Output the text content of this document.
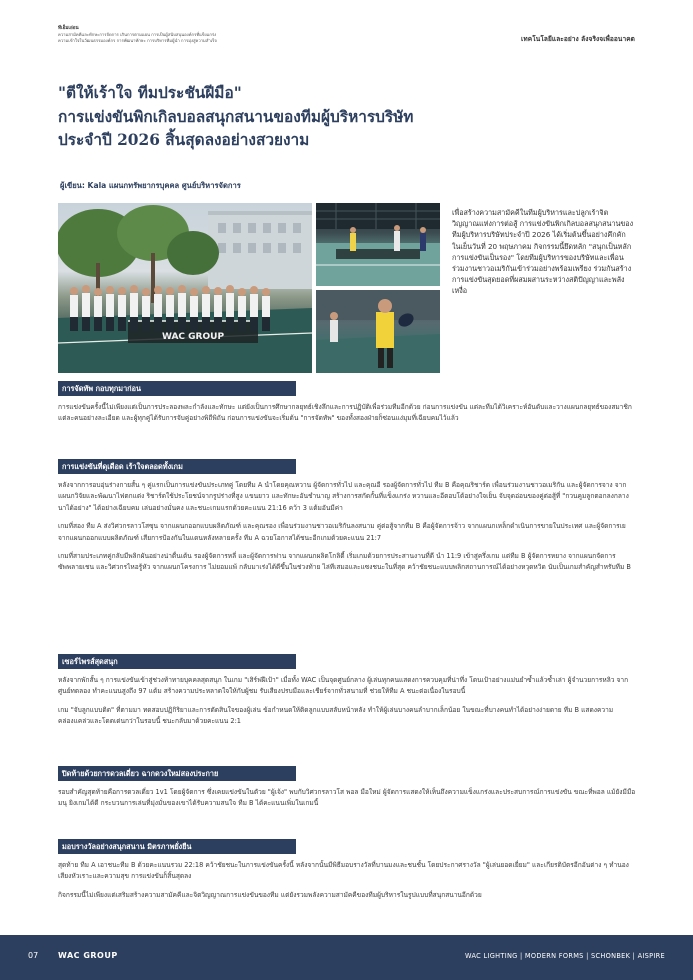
ทีเอ็มเอ่อน
ความสามัคคีและทักษะการจัดการ เกินการตามแผน การเป็นผู้สนับสนุนองค์กรที่แข็งแกร่ง
ความเข้าใจในวัฒนธรรมองค์กร การพัฒนาทักษะ การบริหารทีมผู้นำ การมุ่งสู่ความสำเร็จ	เทคโนโลยีและอย่าง ลังจริงจเพื่ออนาคต
"ตีให้เร้าใจ ทีมประชันฝีมือ"
การแข่งขันพิกเกิลบอลสนุกสนานของทีมผู้บริหารบริษัท
ประจำปี 2026 สิ้นสุดลงอย่างสวยงาม
ผู้เขียน: Kala แผนกทรัพยากรบุคคล ศูนย์บริหารจัดการ
WAC GROUP
เพื่อสร้างความสามัคคีในทีมผู้บริหารและปลูกเร้าจิตวิญญาณแห่งการต่อสู้ การแข่งขันพิกเกิลบอลสนุกสนานของทีมผู้บริหารบริษัทประจำปี 2026 ได้เริ่มต้นขึ้นอย่างคึกคักในเย็นวันที่ 20 พฤษภาคม กิจกรรมนี้ยึดหลัก "สนุกเป็นหลัก การแข่งขันเป็นรอง" โดยทีมผู้บริหารของบริษัทและเพื่อนร่วมงานชาวอเมริกันเข้าร่วมอย่างพร้อมเพรียง ร่วมกันสร้างการแข่งขันสุดยอดที่ผสมผสานระหว่างสติปัญญาและพลังเหงื่อ
การจัดทัพ กอบทุกมาก่อน

การแข่งขันครั้งนี้ไม่เพียงแต่เป็นการประลองพละกำลังและทักษะ แต่ยังเป็นการศึกษากลยุทธ์เชิงลึกและการปฏิบัติเพื่อร่วมทีมอีกด้วย ก่อนการแข่งขัน แต่ละทีมได้วิเคราะห์อันดับและวางแผนกลยุทธ์ของสมาชิกแต่ละคนอย่างละเอียด และผู้ทุกคู่ได้รับการจับคู่อย่างพิถีพิถัน ก่อนการแข่งขันจะเริ่มต้น "การจัดทัพ" ของทั้งสองฝ่ายก็ซ่อนแง่มุมที่เฉียบคมไว้แล้ว

การแข่งขันที่ดุเดือด เร้าใจตลอดทั้งเกม

หลังจากการอบอุ่นร่างกายสั้น ๆ คู่แรกเป็นการแข่งขันประเภทคู่ โดยทีม A นำโดยคุณหวาน ผู้จัดการทั่วไป และคุณอี รองผู้จัดการทั่วไป ทีม B คือคุณริชาร์ด เพื่อนร่วมงานชาวอเมริกัน และผู้จัดการจาง จากแผนกวิจัยและพัฒนาไฟตกแต่ง ริชาร์ดใช้ประโยชน์จากรูปร่างที่สูง แขนยาว และทักษะอันชำนาญ สร้างการสกัดกั้นที่แข็งแกร่ง หวานและอีตอบโต้อย่างใจเย็น จับจุดอ่อนของคู่ต่อสู้ที่ "กวนคูมลูกตอกลงกลางนาได้อย่าง" ได้อย่างเฉียบคม เล่นอย่างมั่นคง และชนะเกมแรกด้วยคะแนน 21:16 คว้า 3 แต้มอันมีค่า

เกมที่สอง ทีม A ส่งวิศวกรลาวโสซุน จากแผนกออกแบบผลิตภัณฑ์ และคุณรอง เพื่อนร่วมงานชาวอเมริกันลงสนาม คู่ต่อสู้จากทีม B คือผู้จัดการจ้าว จากแผนกเหล็กดำเนินการขายในประเทศ และผู้จัดการเย จากแผนกออกแบบผลิตภัณฑ์ เสียการป้องกันในแดนหลังหลายครั้ง ทีม A ฉวยโอกาสได้ชนะอีกเกมด้วยคะแนน 21:7

เกมที่สามประเภทคู่กลับมีพลิกผันอย่างน่าตื่นเต้น รองผู้จัดการหลี่ และผู้จัดการฟาน จากแผนกผลิตโกลิตี้ เริ่มเกมด้วยการประสานงานที่ดี นำ 11:9 เข้าสู่ครึ่งเกม แต่ทีม B ผู้จัดการหยาง จากแผนกจัดการซัพพลายเชน และวิศวกรไหอรู้หัว จากแผนกโครงการ ไม่ยอมแพ้ กลับมาเร่งได้ดีขึ้นในช่วงท้าย ไล่ทีเสมอและแซงชนะในที่สุด คว้าชัยชนะแบบพลิกสถานการณ์ได้อย่างหวุดหวิด นับเป็นเกมสำคัญสำหรับทีม B

เซอร์ไพรส์สุดสนุก

หลังจากพักสั้น ๆ การแข่งขันเข้าสู่ช่วงท้าทายบุคคลสุดสนุก ในเกม "เสิร์ฟฝีเป้า" เมื่อทั้ง WAC เป็นจุดศูนย์กลาง ผู้เล่นทุกคนแสดงการควบคุมที่น่าทึ่ง โดนเป้าอย่างแม่นยำซ้ำแล้วซ้ำเล่า ผู้จำนวยการหลิว จากศูนย์ทดลอง ทำคะแนนสูงถึง 97 แต้ม สร้างความประหลาดใจให้กับผู้ชม รับเสียงปรบมือและเชียร์จากทั่วสนามที่ ช่วยให้ทีม A ชนะต่อเนื่องในรอบนี้

เกม "จับลูกแบบติด" ที่ตามมา ทดสอบปฏิกิริยาและการตัดสินใจของผู้เล่น ข้อกำหนดให้ติดลูกแบบสลับหน้าหลัง ทำให้ผู้เล่นบางคนลำบากเล็กน้อย ในขณะที่บางคนทำได้อย่างง่ายดาย ทีม B แสดงความคล่องแคล่วและโดดเด่นกว่าในรอบนี้ ชนะกลับมาด้วยคะแนน 2:1

ปิดท้ายด้วยการดวลเดี่ยว ฉากดวงใหม่สองประกาย

รอบสำคัญสุดท้ายคือการดวลเดี่ยว 1v1 โดยผู้จัดการ ซึ่งเคยแข่งขันในตัวย "ผู้เจ้ง" พบกับวิศวกรลาวโส พอล มือใหม่ ผู้จัดการแสดงให้เห็นถึงความแข็งแกร่งและประสบการณ์การแข่งขัน ขณะที่พอล แม้ยังมีมือมนุ ยิงเกมได้ดี กระบวนการเล่นที่มุ่งมั่นของเขาได้รับความสนใจ ทีม B ได้คะแนนเพิ่มในเกมนี้

มอบรางวัลอย่างสนุกสนาน มิตรภาพยั่งยืน

สุดท้าย ทีม A เอาชนะทีม B ด้วยคะแนนรวม 22:18 คว้าชัยชนะในการแข่งขันครั้งนี้ หลังจากนั้นมีพิธีมอบรางวัลที่บานมงและชนชั้น โดยประกาศรางวัล "ผู้เล่นยอดเยี่ยม" และเกียรติบัตรอีกอันต่าง ๆ ทำนองเสียงหัวเราะและความสุข การแข่งขันก็สิ้นสุดลง

กิจกรรมนี้ไม่เพียงแต่เสริมสร้างความสามัคคีและจิตวิญญาณการแข่งขันของทีม แต่ยังรวมพลังความสามัคคีของทีมผู้บริหารในรูปแบบที่สนุกสนานอีกด้วย

07 WAC GROUP	WAC LIGHTING | MODERN FORMS | SCHONBEK | AISPIRE
